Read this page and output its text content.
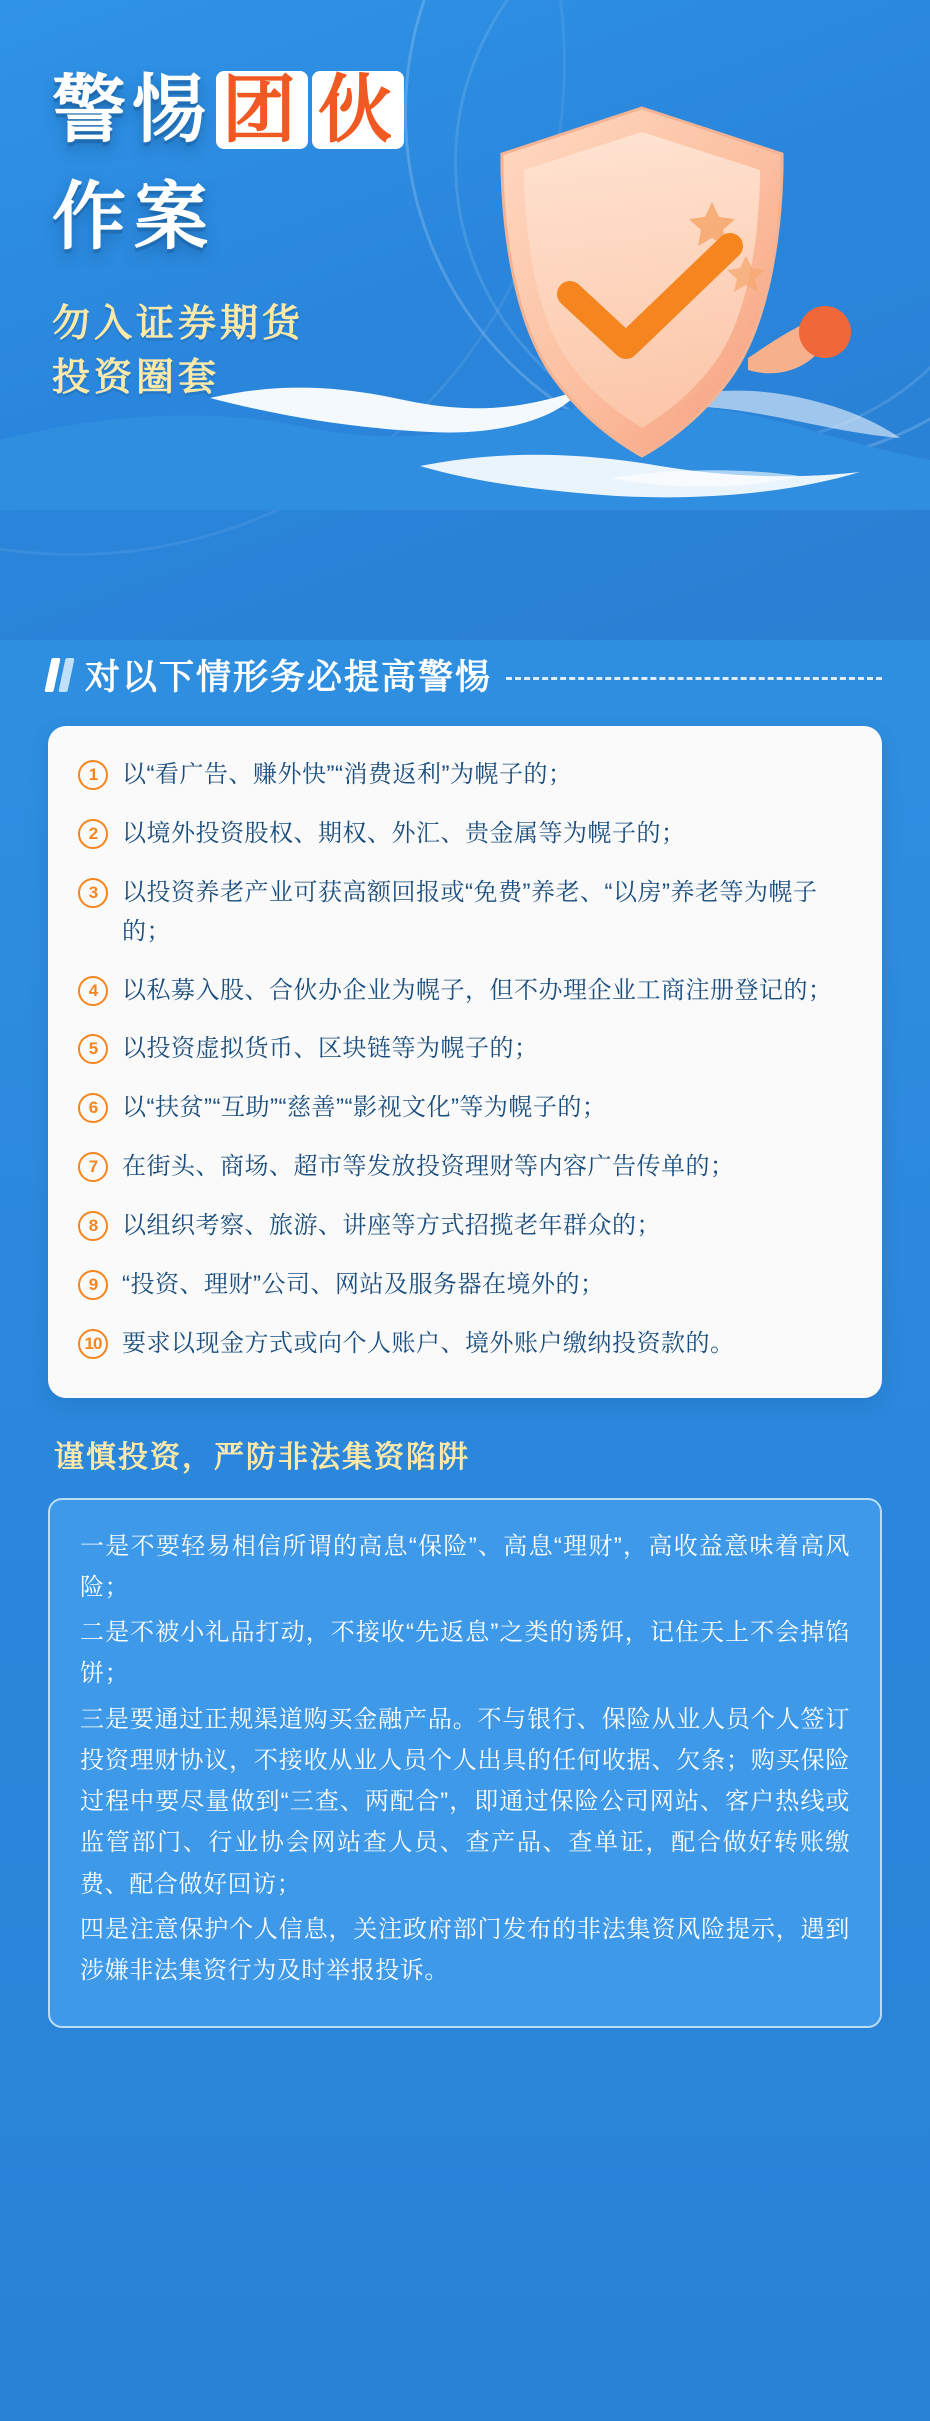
警惕 团 伙
作案
勿入证券期货
投资圈套
对以下情形务必提高警惕
1	以“看广告、赚外快”“消费返利”为幌子的；
2	以境外投资股权、期权、外汇、贵金属等为幌子的；
3	以投资养老产业可获高额回报或“免费”养老、“以房”养老等为幌子的；
4	以私募入股、合伙办企业为幌子，但不办理企业工商注册登记的；
5	以投资虚拟货币、区块链等为幌子的；
6	以“扶贫”“互助”“慈善”“影视文化”等为幌子的；
7	在街头、商场、超市等发放投资理财等内容广告传单的；
8	以组织考察、旅游、讲座等方式招揽老年群众的；
9	“投资、理财”公司、网站及服务器在境外的；
10 要求以现金方式或向个人账户、境外账户缴纳投资款的。
谨慎投资，严防非法集资陷阱

一是不要轻易相信所谓的高息“保险”、高息“理财”，高收益意味着高风险；

二是不被小礼品打动，不接收“先返息”之类的诱饵，记住天上不会掉馅饼；

三是要通过正规渠道购买金融产品。不与银行、保险从业人员个人签订投资理财协议，不接收从业人员个人出具的任何收据、欠条；购买保险过程中要尽量做到“三查、两配合”，即通过保险公司网站、客户热线或监管部门、行业协会网站查人员、查产品、查单证，配合做好转账缴费、配合做好回访；

四是注意保护个人信息，关注政府部门发布的非法集资风险提示，遇到涉嫌非法集资行为及时举报投诉。
